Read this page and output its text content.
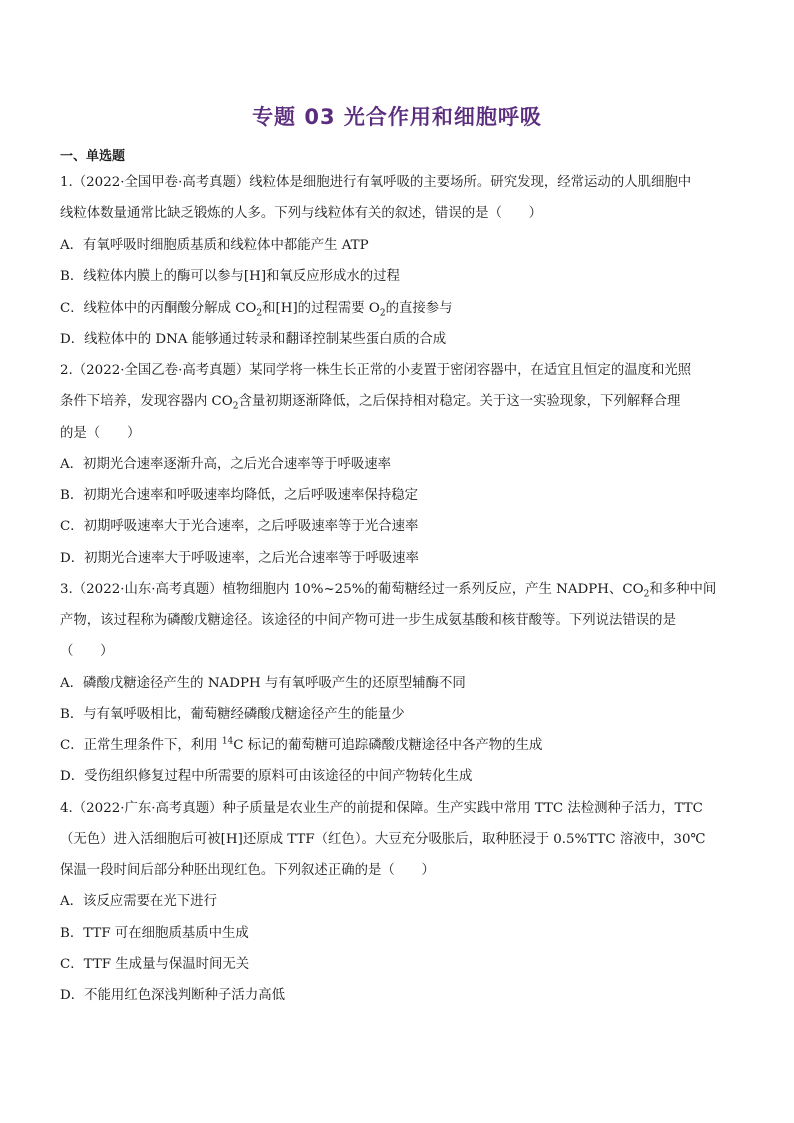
专题 03 光合作用和细胞呼吸
一、单选题
1.（2022·全国甲卷·高考真题）线粒体是细胞进行有氧呼吸的主要场所。研究发现，经常运动的人肌细胞中
线粒体数量通常比缺乏锻炼的人多。下列与线粒体有关的叙述，错误的是（　　）
A．有氧呼吸时细胞质基质和线粒体中都能产生 ATP
B．线粒体内膜上的酶可以参与[H]和氧反应形成水的过程
C．线粒体中的丙酮酸分解成 $CO_2$和[H]的过程需要 $O_2$的直接参与
D．线粒体中的 DNA 能够通过转录和翻译控制某些蛋白质的合成
2.（2022·全国乙卷·高考真题）某同学将一株生长正常的小麦置于密闭容器中，在适宜且恒定的温度和光照
条件下培养，发现容器内 $CO_2$含量初期逐渐降低，之后保持相对稳定。关于这一实验现象，下列解释合理
的是（　　）
A．初期光合速率逐渐升高，之后光合速率等于呼吸速率
B．初期光合速率和呼吸速率均降低，之后呼吸速率保持稳定
C．初期呼吸速率大于光合速率，之后呼吸速率等于光合速率
D．初期光合速率大于呼吸速率，之后光合速率等于呼吸速率
3.（2022·山东·高考真题）植物细胞内 10%~25%的葡萄糖经过一系列反应，产生 NADPH、$CO_2$和多种中间
产物，该过程称为磷酸戊糖途径。该途径的中间产物可进一步生成氨基酸和核苷酸等。下列说法错误的是
（　　）
A．磷酸戊糖途径产生的 NADPH 与有氧呼吸产生的还原型辅酶不同
B．与有氧呼吸相比，葡萄糖经磷酸戊糖途径产生的能量少
C．正常生理条件下，利用 $^{14}$C 标记的葡萄糖可追踪磷酸戊糖途径中各产物的生成
D．受伤组织修复过程中所需要的原料可由该途径的中间产物转化生成
4.（2022·广东·高考真题）种子质量是农业生产的前提和保障。生产实践中常用 TTC 法检测种子活力，TTC
（无色）进入活细胞后可被[H]还原成 TTF（红色）。大豆充分吸胀后，取种胚浸于 0.5%TTC 溶液中，30℃
保温一段时间后部分种胚出现红色。下列叙述正确的是（　　）
A．该反应需要在光下进行
B．TTF 可在细胞质基质中生成
C．TTF 生成量与保温时间无关
D．不能用红色深浅判断种子活力高低
